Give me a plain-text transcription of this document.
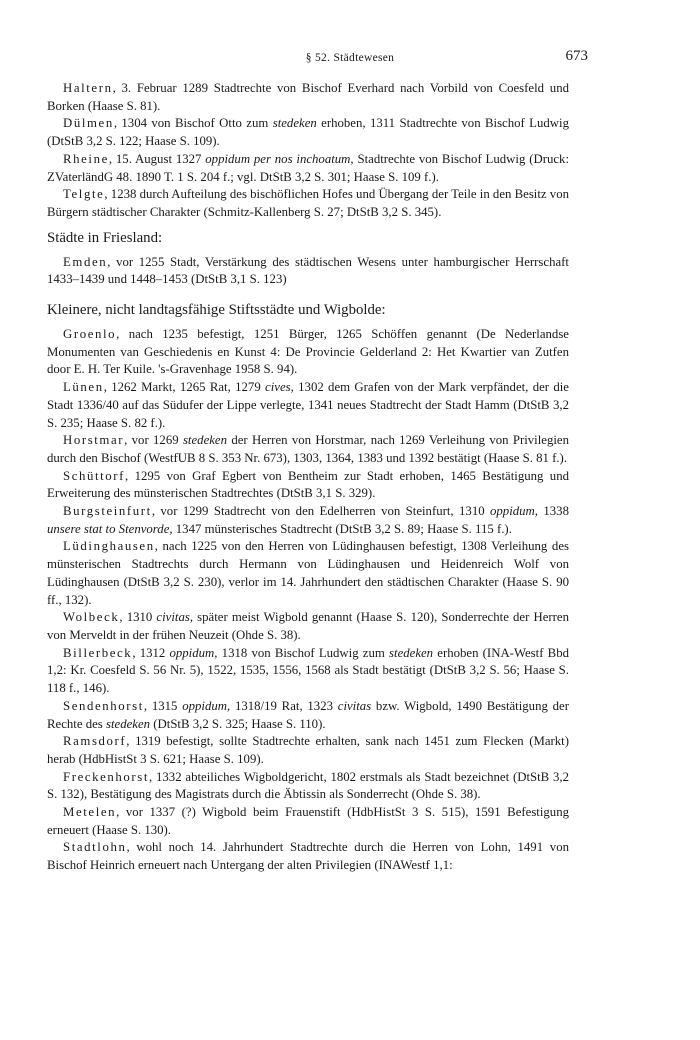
§ 52. Städtewesen	673

Haltern, 3. Februar 1289 Stadtrechte von Bischof Everhard nach Vorbild von Coesfeld und Borken (Haase S. 81).

Dülmen, 1304 von Bischof Otto zum stedeken erhoben, 1311 Stadtrechte von Bischof Ludwig (DtStB 3,2 S. 122; Haase S. 109).

Rheine, 15. August 1327 oppidum per nos inchoatum, Stadtrechte von Bischof Ludwig (Druck: ZVaterländG 48. 1890 T. 1 S. 204 f.; vgl. DtStB 3,2 S. 301; Haase S. 109 f.).

Telgte, 1238 durch Aufteilung des bischöflichen Hofes und Übergang der Teile in den Besitz von Bürgern städtischer Charakter (Schmitz-Kallenberg S. 27; DtStB 3,2 S. 345).

Städte in Friesland:

Emden, vor 1255 Stadt, Verstärkung des städtischen Wesens unter hamburgischer Herrschaft 1433–1439 und 1448–1453 (DtStB 3,1 S. 123)

Kleinere, nicht landtagsfähige Stiftsstädte und Wigbolde:

Groenlo, nach 1235 befestigt, 1251 Bürger, 1265 Schöffen genannt (De Nederlandse Monumenten van Geschiedenis en Kunst 4: De Provincie Gelderland 2: Het Kwartier van Zutfen door E. H. Ter Kuile. 's-Gravenhage 1958 S. 94).

Lünen, 1262 Markt, 1265 Rat, 1279 cives, 1302 dem Grafen von der Mark verpfändet, der die Stadt 1336/40 auf das Südufer der Lippe verlegte, 1341 neues Stadtrecht der Stadt Hamm (DtStB 3,2 S. 235; Haase S. 82 f.).

Horstmar, vor 1269 stedeken der Herren von Horstmar, nach 1269 Verleihung von Privilegien durch den Bischof (WestfUB 8 S. 353 Nr. 673), 1303, 1364, 1383 und 1392 bestätigt (Haase S. 81 f.).

Schüttorf, 1295 von Graf Egbert von Bentheim zur Stadt erhoben, 1465 Bestätigung und Erweiterung des münsterischen Stadtrechtes (DtStB 3,1 S. 329).

Burgsteinfurt, vor 1299 Stadtrecht von den Edelherren von Steinfurt, 1310 oppidum, 1338 unsere stat to Stenvorde, 1347 münsterisches Stadtrecht (DtStB 3,2 S. 89; Haase S. 115 f.).

Lüdinghausen, nach 1225 von den Herren von Lüdinghausen befestigt, 1308 Verleihung des münsterischen Stadtrechts durch Hermann von Lüdinghausen und Heidenreich Wolf von Lüdinghausen (DtStB 3,2 S. 230), verlor im 14. Jahrhundert den städtischen Charakter (Haase S. 90 ff., 132).

Wolbeck, 1310 civitas, später meist Wigbold genannt (Haase S. 120), Sonderrechte der Herren von Merveldt in der frühen Neuzeit (Ohde S. 38).

Billerbeck, 1312 oppidum, 1318 von Bischof Ludwig zum stedeken erhoben (INA-Westf Bbd 1,2: Kr. Coesfeld S. 56 Nr. 5), 1522, 1535, 1556, 1568 als Stadt bestätigt (DtStB 3,2 S. 56; Haase S. 118 f., 146).

Sendenhorst, 1315 oppidum, 1318/19 Rat, 1323 civitas bzw. Wigbold, 1490 Bestätigung der Rechte des stedeken (DtStB 3,2 S. 325; Haase S. 110).

Ramsdorf, 1319 befestigt, sollte Stadtrechte erhalten, sank nach 1451 zum Flecken (Markt) herab (HdbHistSt 3 S. 621; Haase S. 109).

Freckenhorst, 1332 abteiliches Wigboldgericht, 1802 erstmals als Stadt bezeichnet (DtStB 3,2 S. 132), Bestätigung des Magistrats durch die Äbtissin als Sonderrecht (Ohde S. 38).

Metelen, vor 1337 (?) Wigbold beim Frauenstift (HdbHistSt 3 S. 515), 1591 Befestigung erneuert (Haase S. 130).

Stadtlohn, wohl noch 14. Jahrhundert Stadtrechte durch die Herren von Lohn, 1491 von Bischof Heinrich erneuert nach Untergang der alten Privilegien (INAWestf 1,1:
